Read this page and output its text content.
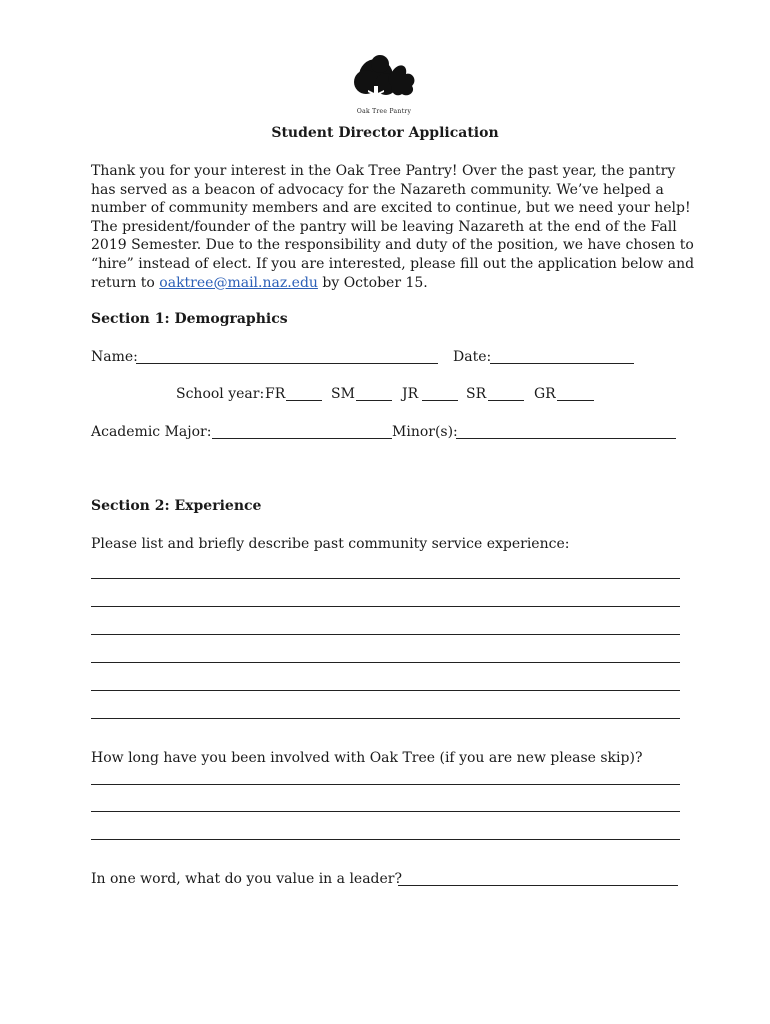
Oak Tree Pantry
Student Director Application
Thank you for your interest in the Oak Tree Pantry! Over the past year, the pantry
has served as a beacon of advocacy for the Nazareth community. We’ve helped a
number of community members and are excited to continue, but we need your help!
The president/founder of the pantry will be leaving Nazareth at the end of the Fall
2019 Semester. Due to the responsibility and duty of the position, we have chosen to
“hire” instead of elect. If you are interested, please fill out the application below and
return to oaktree@mail.naz.edu by October 15.
Section 1: Demographics
Name:	Date:
School year: FR	SM	JR	SR	GR
Academic Major:	Minor(s):
Section 2: Experience
Please list and briefly describe past community service experience:
How long have you been involved with Oak Tree (if you are new please skip)?
In one word, what do you value in a leader?
